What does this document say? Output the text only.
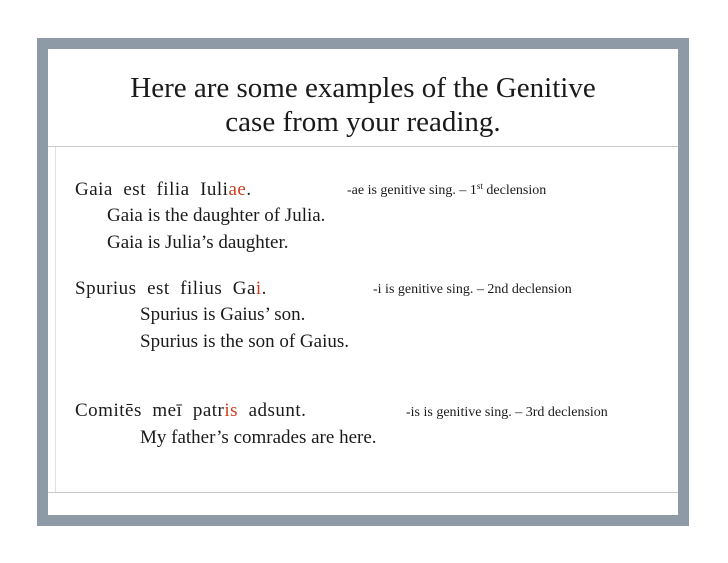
Here are some examples of the Genitive
case from your reading.
Gaia  est  filia  Iuliae.	-ae is genitive sing. – 1st declension
Gaia is the daughter of Julia.
Gaia is Julia’s daughter.
Spurius  est  filius  Gai.	-i is genitive sing. – 2nd declension
Spurius is Gaius’ son.
Spurius is the son of Gaius.
Comitēs  meī  patris  adsunt.	-is is genitive sing. – 3rd declension
My father’s comrades are here.
